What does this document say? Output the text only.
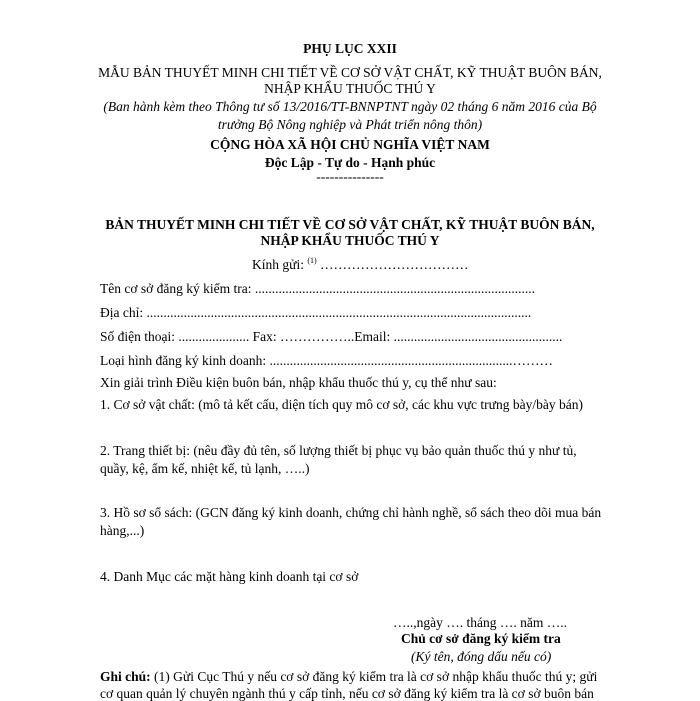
PHỤ LỤC XXII
MẪU BẢN THUYẾT MINH CHI TIẾT VỀ CƠ SỞ VẬT CHẤT, KỸ THUẬT BUÔN BÁN,
NHẬP KHẨU THUỐC THÚ Y
(Ban hành kèm theo Thông tư số 13/2016/TT-BNNPTNT ngày 02 tháng 6 năm 2016 của Bộ
trưởng Bộ Nông nghiệp và Phát triển nông thôn)
CỘNG HÒA XÃ HỘI CHỦ NGHĨA VIỆT NAM
Độc Lập - Tự do - Hạnh phúc
---------------
BẢN THUYẾT MINH CHI TIẾT VỀ CƠ SỞ VẬT CHẤT, KỸ THUẬT BUÔN BÁN,
NHẬP KHẨU THUỐC THÚ Y
Kính gửi: $^{(1)}$ ……………………………
Tên cơ sở đăng ký kiểm tra: ...................................................................................
Địa chỉ: ..................................................................................................................
Số điện thoại: ..................... Fax: ……………..Email: ..................................................
Loại hình đăng ký kinh doanh: ........................................................................………
Xin giải trình Điều kiện buôn bán, nhập khẩu thuốc thú y, cụ thể như sau:
1. Cơ sở vật chất: (mô tả kết cấu, diện tích quy mô cơ sở, các khu vực trưng bày/bày bán)
2. Trang thiết bị: (nêu đầy đủ tên, số lượng thiết bị phục vụ bảo quản thuốc thú y như tủ,
quầy, kệ, ẩm kế, nhiệt kế, tủ lạnh, …..)
3. Hồ sơ sổ sách: (GCN đăng ký kinh doanh, chứng chỉ hành nghề, sổ sách theo dõi mua bán
hàng,...)
4. Danh Mục các mặt hàng kinh doanh tại cơ sở
…..,ngày …. tháng …. năm …..
Chủ cơ sở đăng ký kiểm tra
(Ký tên, đóng dấu nếu có)
Ghi chú: (1) Gửi Cục Thú y nếu cơ sở đăng ký kiểm tra là cơ sở nhập khẩu thuốc thú y; gửi
cơ quan quản lý chuyên ngành thú y cấp tỉnh, nếu cơ sở đăng ký kiểm tra là cơ sở buôn bán
